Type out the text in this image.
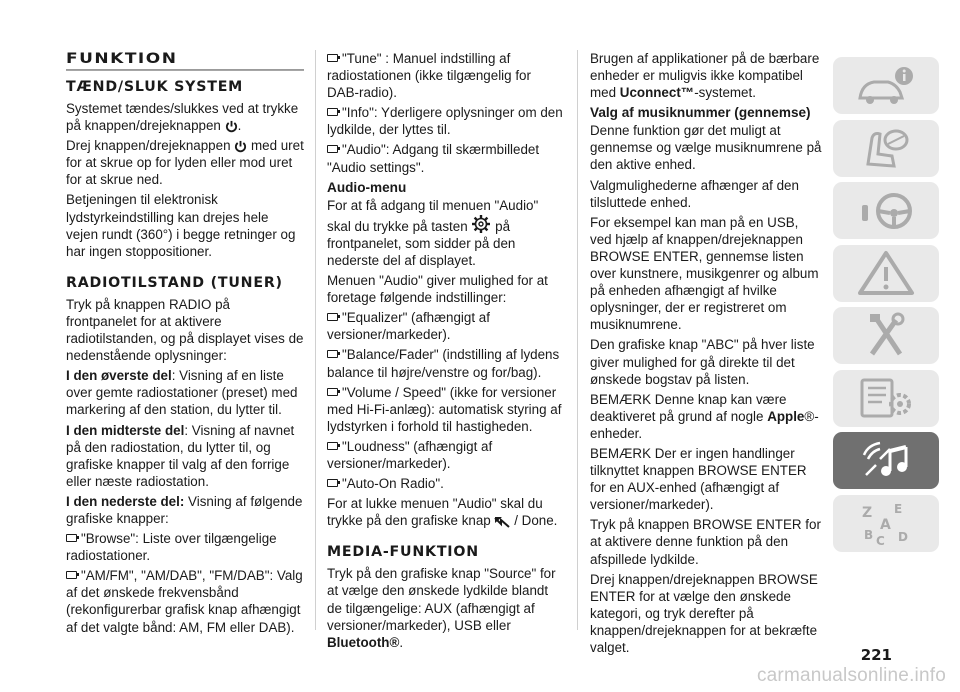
FUNKTION
TÆND/SLUK SYSTEM

Systemet tændes/slukkes ved at trykke på knappen/drejeknappen .

Drej knappen/drejeknappen  med uret for at skrue op for lyden eller mod uret for at skrue ned.

Betjeningen til elektronisk lydstyrkeindstilling kan drejes hele vejen rundt (360°) i begge retninger og har ingen stoppositioner.

RADIOTILSTAND (TUNER)

Tryk på knappen RADIO på frontpanelet for at aktivere radiotilstanden, og på displayet vises de nedenstående oplysninger:

I den øverste del: Visning af en liste over gemte radiostationer (preset) med markering af den station, du lytter til.

I den midterste del: Visning af navnet på den radiostation, du lytter til, og grafiske knapper til valg af den forrige eller næste radiostation.

I den nederste del: Visning af følgende grafiske knapper:

"Browse": Liste over tilgængelige radiostationer.

"AM/FM", "AM/DAB", "FM/DAB": Valg af det ønskede frekvensbånd (rekonfigurerbar grafisk knap afhængigt af det valgte bånd: AM, FM eller DAB).

"Tune" : Manuel indstilling af radiostationen (ikke tilgængelig for DAB-radio).

"Info": Yderligere oplysninger om den lydkilde, der lyttes til.

"Audio": Adgang til skærmbilledet "Audio settings".

Audio-menu

For at få adgang til menuen "Audio" skal du trykke på tasten  på frontpanelet, som sidder på den nederste del af displayet.

Menuen "Audio" giver mulighed for at foretage følgende indstillinger:

"Equalizer" (afhængigt af versioner/markeder).

"Balance/Fader" (indstilling af lydens balance til højre/venstre og for/bag).

"Volume / Speed" (ikke for versioner med Hi-Fi-anlæg): automatisk styring af lydstyrken i forhold til hastigheden.

"Loudness" (afhængigt af versioner/markeder).

"Auto-On Radio".

For at lukke menuen "Audio" skal du trykke på den grafiske knap  / Done.

MEDIA-FUNKTION

Tryk på den grafiske knap "Source" for at vælge den ønskede lydkilde blandt de tilgængelige: AUX (afhængigt af versioner/markeder), USB eller Bluetooth®.

Brugen af applikationer på de bærbare enheder er muligvis ikke kompatibel med Uconnect™-systemet.

Valg af musiknummer (gennemse)

Denne funktion gør det muligt at gennemse og vælge musiknumrene på den aktive enhed.

Valgmulighederne afhænger af den tilsluttede enhed.

For eksempel kan man på en USB, ved hjælp af knappen/drejeknappen BROWSE ENTER, gennemse listen over kunstnere, musikgenrer og album på enheden afhængigt af hvilke oplysninger, der er registreret om musiknumrene.

Den grafiske knap "ABC" på hver liste giver mulighed for gå direkte til det ønskede bogstav på listen.

BEMÆRK Denne knap kan være deaktiveret på grund af nogle Apple®-enheder.

BEMÆRK Der er ingen handlinger tilknyttet knappen BROWSE ENTER for en AUX-enhed (afhængigt af versioner/markeder).

Tryk på knappen BROWSE ENTER for at aktivere denne funktion på den afspillede lydkilde.

Drej knappen/drejeknappen BROWSE ENTER for at vælge den ønskede kategori, og tryk derefter på knappen/drejeknappen for at bekræfte valget.

Z E
A
B C D
221
carmanualsonline.info
